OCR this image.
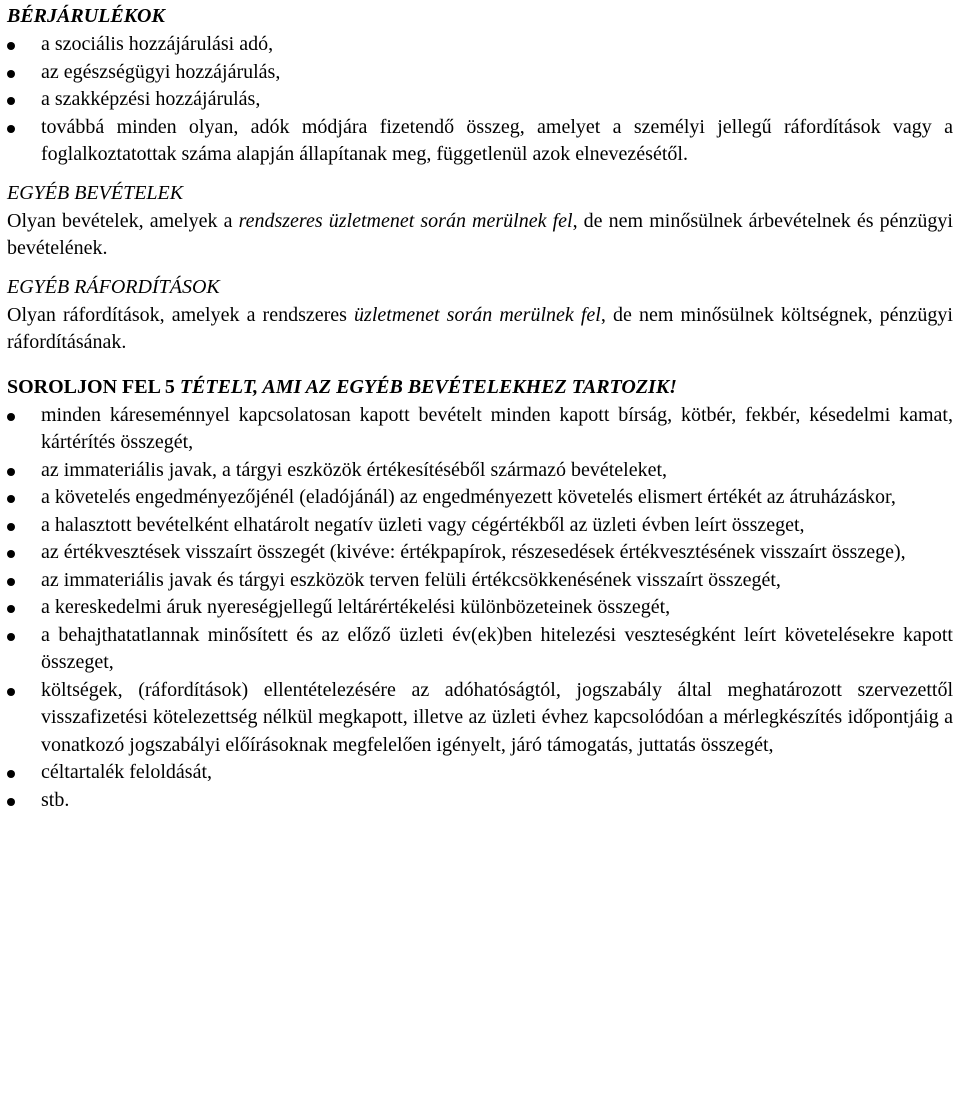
BÉRJÁRULÉKOK

a szociális hozzájárulási adó,
az egészségügyi hozzájárulás,
a szakképzési hozzájárulás,
továbbá minden olyan, adók módjára fizetendő összeg, amelyet a személyi jellegű ráfordítások vagy a foglalkoztatottak száma alapján állapítanak meg, függetlenül azok elnevezésétől.

EGYÉB BEVÉTELEK

Olyan bevételek, amelyek a rendszeres üzletmenet során merülnek fel, de nem minősülnek árbevételnek és pénzügyi bevételének.

EGYÉB RÁFORDÍTÁSOK

Olyan ráfordítások, amelyek a rendszeres üzletmenet során merülnek fel, de nem minősülnek költségnek, pénzügyi ráfordításának.

SOROLJON FEL 5 TÉTELT, AMI AZ EGYÉB BEVÉTELEKHEZ TARTOZIK!

minden káreseménnyel kapcsolatosan kapott bevételt minden kapott bírság, kötbér, fekbér, késedelmi kamat, kártérítés összegét,
az immateriális javak, a tárgyi eszközök értékesítéséből származó bevételeket,
a követelés engedményezőjénél (eladójánál) az engedményezett követelés elismert értékét az átruházáskor,
a halasztott bevételként elhatárolt negatív üzleti vagy cégértékből az üzleti évben leírt összeget,
az értékvesztések visszaírt összegét (kivéve: értékpapírok, részesedések értékvesztésének visszaírt összege),
az immateriális javak és tárgyi eszközök terven felüli értékcsökkenésének visszaírt összegét,
a kereskedelmi áruk nyereségjellegű leltárértékelési különbözeteinek összegét,
a behajthatatlannak minősített és az előző üzleti év(ek)ben hitelezési veszteségként leírt követelésekre kapott összeget,
költségek, (ráfordítások) ellentételezésére az adóhatóságtól, jogszabály által meghatározott szervezettől visszafizetési kötelezettség nélkül megkapott, illetve az üzleti évhez kapcsolódóan a mérlegkészítés időpontjáig a vonatkozó jogszabályi előírásoknak megfelelően igényelt, járó támogatás, juttatás összegét,
céltartalék feloldását,
stb.
